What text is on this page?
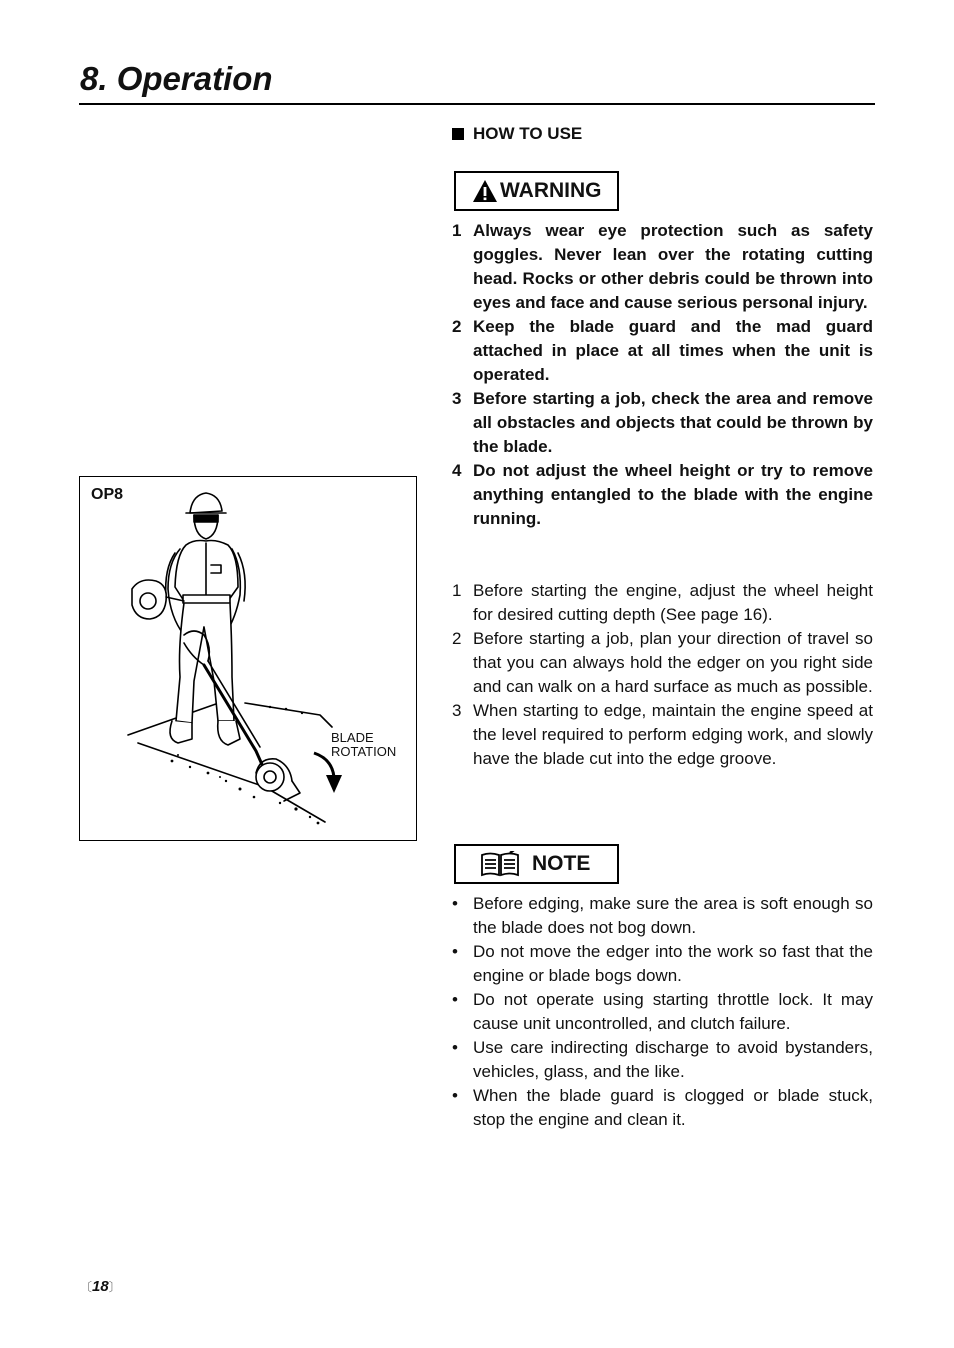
8. Operation
OP8
BLADE
ROTATION
HOW TO USE
WARNING
1 Always wear eye protection such as safety goggles. Never lean over the rotating cutting head. Rocks or other debris could be thrown into eyes and face and cause serious personal injury.
2 Keep the blade guard and the mad guard attached in place at all times when the unit is operated.
3 Before starting a job, check the area and remove all obstacles and objects that could be thrown by the blade.
4 Do not adjust the wheel height or try to remove anything entangled to the blade with the engine running.
1 Before starting the engine, adjust the wheel height for desired cutting depth (See page 16).
2 Before starting a job, plan your direction of travel so that you can always hold the edger on you right side and can walk on a hard surface as much as possible.
3 When starting to edge, maintain the engine speed at the level required to perform edging work, and slowly have the blade cut into the edge groove.
NOTE
• Before edging, make sure the area is soft enough so the blade does not bog down.
• Do not move the edger into the work so fast that the engine or blade bogs down.
• Do not operate using starting throttle lock. It may cause unit uncontrolled, and clutch failure.
• Use care indirecting discharge to avoid bystanders, vehicles, glass, and the like.
• When the blade guard is clogged or blade stuck, stop the engine and clean it.
〔18〕
